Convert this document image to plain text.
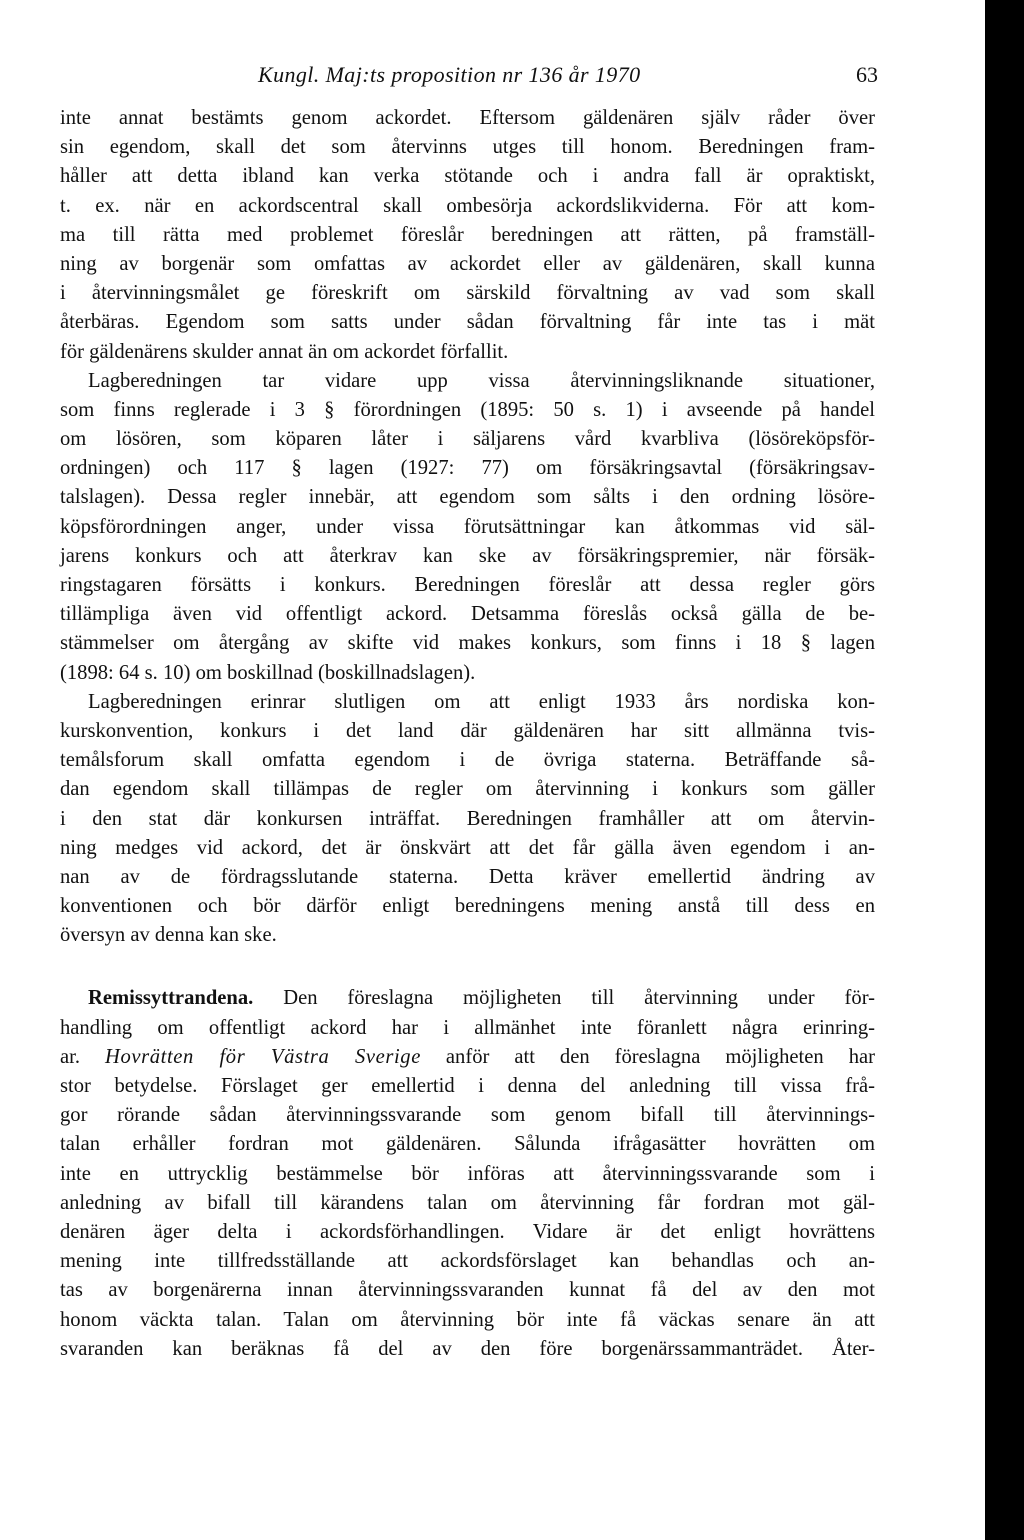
Kungl. Maj:ts proposition nr 136 år 1970	63
inte annat bestämts genom ackordet. Eftersom gäldenären själv råder över
sin egendom, skall det som återvinns utges till honom. Beredningen fram-
håller att detta ibland kan verka stötande och i andra fall är opraktiskt,
t. ex. när en ackordscentral skall ombesörja ackordslikviderna. För att kom-
ma till rätta med problemet föreslår beredningen att rätten, på framställ-
ning av borgenär som omfattas av ackordet eller av gäldenären, skall kunna
i återvinningsmålet ge föreskrift om särskild förvaltning av vad som skall
återbäras. Egendom som satts under sådan förvaltning får inte tas i mät
för gäldenärens skulder annat än om ackordet förfallit.
Lagberedningen tar vidare upp vissa återvinningsliknande situationer,
som finns reglerade i 3 § förordningen (1895: 50 s. 1) i avseende på handel
om lösören, som köparen låter i säljarens vård kvarbliva (lösöreköpsför-
ordningen) och 117 § lagen (1927: 77) om försäkringsavtal (försäkringsav-
talslagen). Dessa regler innebär, att egendom som sålts i den ordning lösöre-
köpsförordningen anger, under vissa förutsättningar kan åtkommas vid säl-
jarens konkurs och att återkrav kan ske av försäkringspremier, när försäk-
ringstagaren försätts i konkurs. Beredningen föreslår att dessa regler görs
tillämpliga även vid offentligt ackord. Detsamma föreslås också gälla de be-
stämmelser om återgång av skifte vid makes konkurs, som finns i 18 § lagen
(1898: 64 s. 10) om boskillnad (boskillnadslagen).
Lagberedningen erinrar slutligen om att enligt 1933 års nordiska kon-
kurskonvention, konkurs i det land där gäldenären har sitt allmänna tvis-
temålsforum skall omfatta egendom i de övriga staterna. Beträffande så-
dan egendom skall tillämpas de regler om återvinning i konkurs som gäller
i den stat där konkursen inträffat. Beredningen framhåller att om återvin-
ning medges vid ackord, det är önskvärt att det får gälla även egendom i an-
nan av de fördragsslutande staterna. Detta kräver emellertid ändring av
konventionen och bör därför enligt beredningens mening anstå till dess en
översyn av denna kan ske.
Remissyttrandena. Den föreslagna möjligheten till återvinning under för-
handling om offentligt ackord har i allmänhet inte föranlett några erinring-
ar. Hovrätten för Västra Sverige anför att den föreslagna möjligheten har
stor betydelse. Förslaget ger emellertid i denna del anledning till vissa frå-
gor rörande sådan återvinningssvarande som genom bifall till återvinnings-
talan erhåller fordran mot gäldenären. Sålunda ifrågasätter hovrätten om
inte en uttrycklig bestämmelse bör införas att återvinningssvarande som i
anledning av bifall till kärandens talan om återvinning får fordran mot gäl-
denären äger delta i ackordsförhandlingen. Vidare är det enligt hovrättens
mening inte tillfredsställande att ackordsförslaget kan behandlas och an-
tas av borgenärerna innan återvinningssvaranden kunnat få del av den mot
honom väckta talan. Talan om återvinning bör inte få väckas senare än att
svaranden kan beräknas få del av den före borgenärssammanträdet. Åter-
